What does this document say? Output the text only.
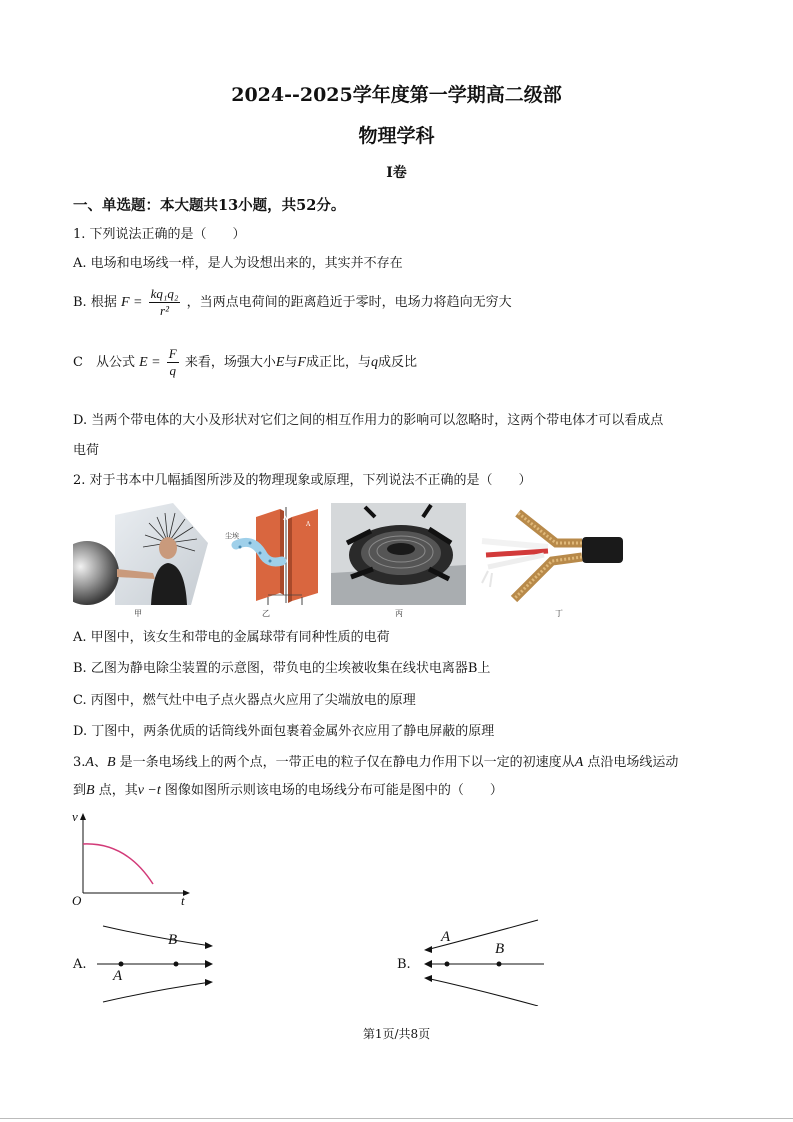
2024--2025学年度第一学期高二级部
物理学科
I卷
一、单选题：本大题共13小题，共52分。
1. 下列说法正确的是（　　）
A. 电场和电场线一样，是人为设想出来的，其实并不存在
B. 根据 $F = \frac{\text{kq₁q₂}}{\text{r²}}$ ，当两点电荷间的距离趋近于零时，电场力将趋向无穷大
C　从公式 $E = \frac{F}{q}$ 来看，场强大小E与F成正比，与q成反比
D. 当两个带电体的大小及形状对它们之间的相互作用力的影响可以忽略时，这两个带电体才可以看成点
电荷
2. 对于书本中几幅插图所涉及的物理现象或原理，下列说法不正确的是（　　）
甲
尘埃
A
A
乙	丙	丁
A. 甲图中，该女生和带电的金属球带有同种性质的电荷
B. 乙图为静电除尘装置的示意图，带负电的尘埃被收集在线状电离器B上
C. 丙图中，燃气灶中电子点火器点火应用了尖端放电的原理
D. 丁图中，两条优质的话筒线外面包裹着金属外衣应用了静电屏蔽的原理
3.A、B 是一条电场线上的两个点，一带正电的粒子仅在静电力作用下以一定的初速度从A 点沿电场线运动
到B 点，其v −t 图像如图所示则该电场的电场线分布可能是图中的（　　）
v
O	t
A.
B
A
B.
A
B
第1页/共8页
